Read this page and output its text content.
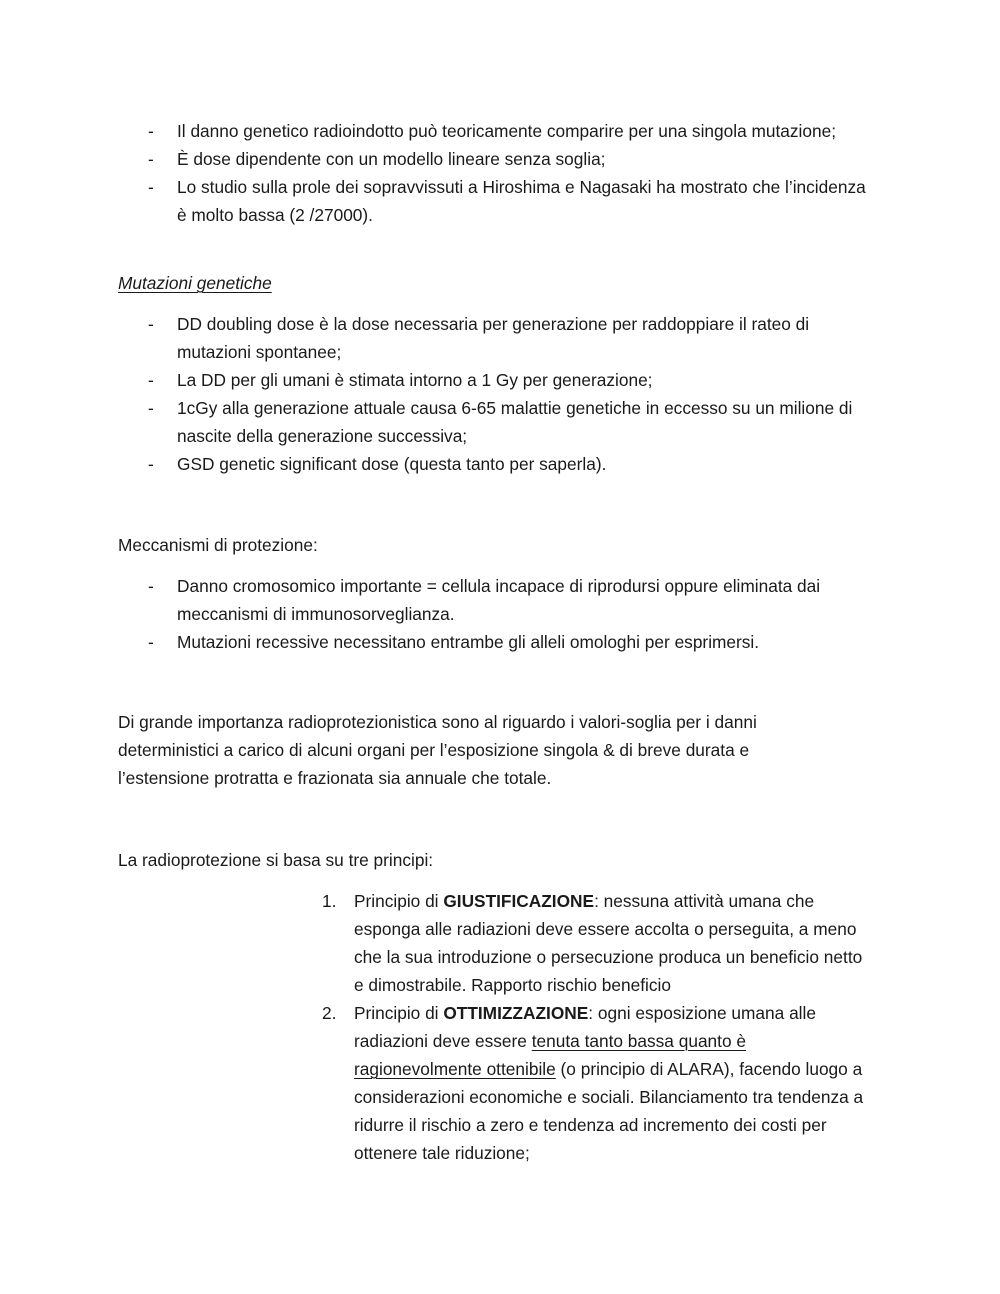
- Il danno genetico radioindotto può teoricamente comparire per una singola mutazione;
- È dose dipendente con un modello lineare senza soglia;
- Lo studio sulla prole dei sopravvissuti a Hiroshima e Nagasaki ha mostrato che l’incidenza è molto bassa (2 /27000).
Mutazioni genetiche
- DD doubling dose è la dose necessaria per generazione per raddoppiare il rateo di mutazioni spontanee;
- La DD per gli umani è stimata intorno a 1 Gy per generazione;
- 1cGy alla generazione attuale causa 6-65 malattie genetiche in eccesso su un milione di nascite della generazione successiva;
- GSD genetic significant dose (questa tanto per saperla).

Meccanismi di protezione:

- Danno cromosomico importante = cellula incapace di riprodursi oppure eliminata dai meccanismi di immunosorveglianza.
- Mutazioni recessive necessitano entrambe gli alleli omologhi per esprimersi.

Di grande importanza radioprotezionistica sono al riguardo i valori-soglia per i danni deterministici a carico di alcuni organi per l’esposizione singola & di breve durata e l’estensione protratta e frazionata sia annuale che totale.

La radioprotezione si basa su tre principi:

1. Principio di GIUSTIFICAZIONE: nessuna attività umana che esponga alle radiazioni deve essere accolta o perseguita, a meno che la sua introduzione o persecuzione produca un beneficio netto e dimostrabile. Rapporto rischio beneficio
2. Principio di OTTIMIZZAZIONE: ogni esposizione umana alle radiazioni deve essere tenuta tanto bassa quanto è ragionevolmente ottenibile (o principio di ALARA), facendo luogo a considerazioni economiche e sociali. Bilanciamento tra tendenza a ridurre il rischio a zero e tendenza ad incremento dei costi per ottenere tale riduzione;
